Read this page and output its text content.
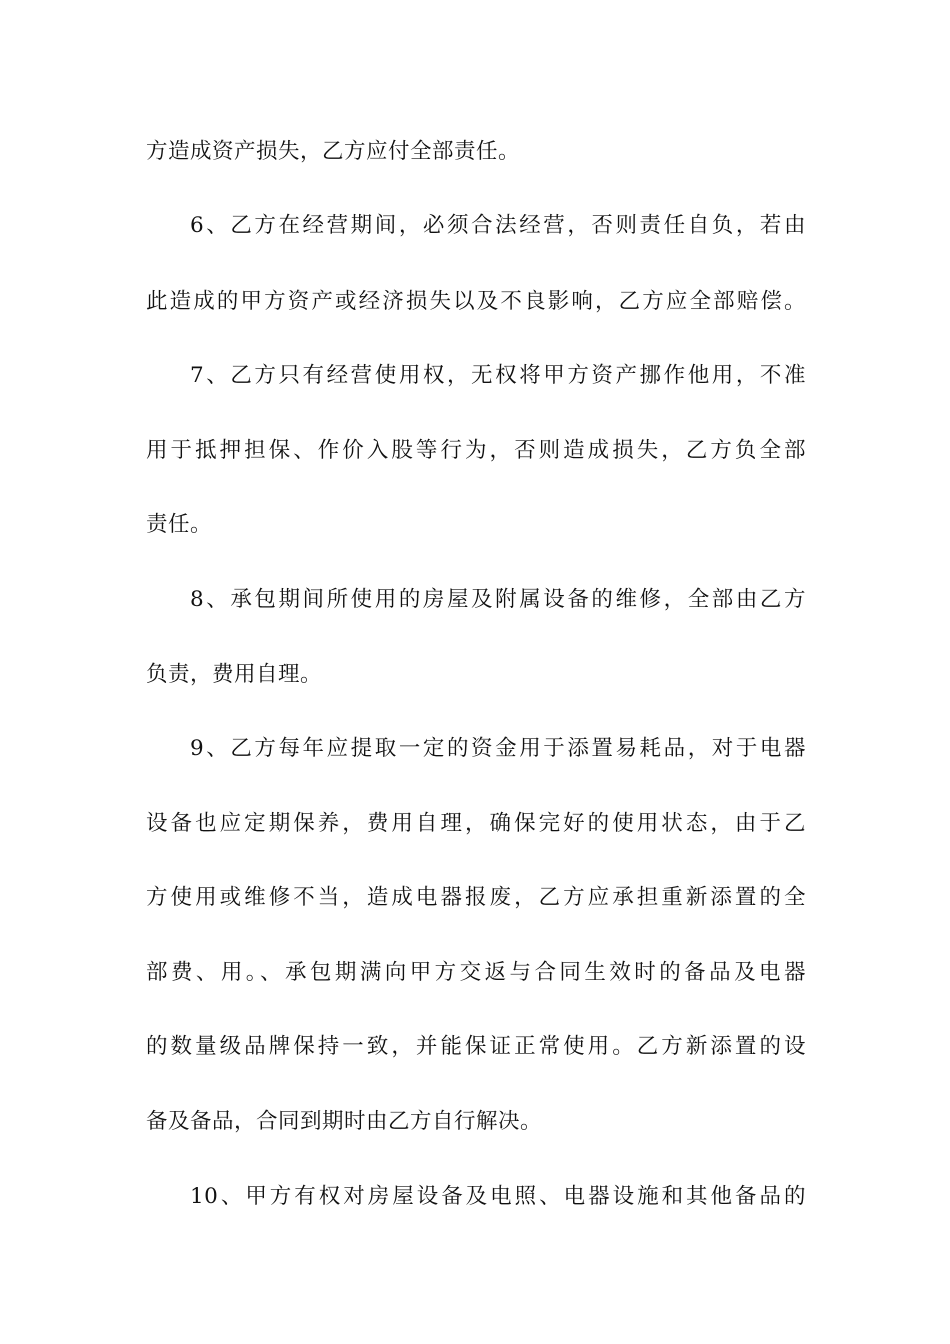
方造成资产损失，乙方应付全部责任。
6、乙方在经营期间，必须合法经营，否则责任自负，若由
此造成的甲方资产或经济损失以及不良影响，乙方应全部赔偿。
7、乙方只有经营使用权，无权将甲方资产挪作他用，不准
用于抵押担保、作价入股等行为，否则造成损失，乙方负全部
责任。
8、承包期间所使用的房屋及附属设备的维修，全部由乙方
负责，费用自理。
9、乙方每年应提取一定的资金用于添置易耗品，对于电器
设备也应定期保养，费用自理，确保完好的使用状态，由于乙
方使用或维修不当，造成电器报废，乙方应承担重新添置的全
部费、用。、承包期满向甲方交返与合同生效时的备品及电器
的数量级品牌保持一致，并能保证正常使用。乙方新添置的设
备及备品，合同到期时由乙方自行解决。
10、甲方有权对房屋设备及电照、电器设施和其他备品的
